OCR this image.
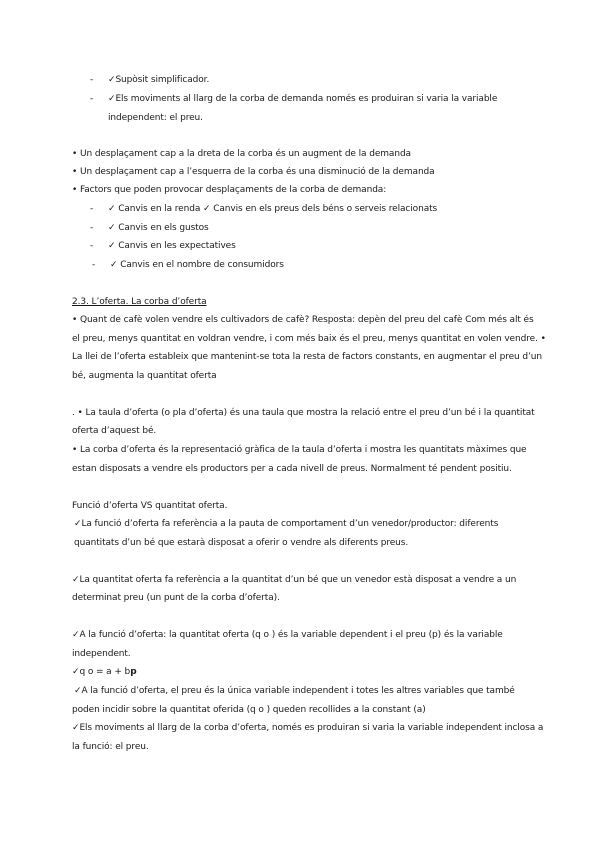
- ✓Supòsit simplificador.
- ✓Els moviments al llarg de la corba de demanda només es produiran si varia la variable
independent: el preu.
• Un desplaçament cap a la dreta de la corba és un augment de la demanda
• Un desplaçament cap a l’esquerra de la corba és una disminució de la demanda
• Factors que poden provocar desplaçaments de la corba de demanda:
- ✓ Canvis en la renda ✓ Canvis en els preus dels béns o serveis relacionats
- ✓ Canvis en els gustos
- ✓ Canvis en les expectatives
- ✓ Canvis en el nombre de consumidors
2.3. L’oferta. La corba d’oferta
• Quant de cafè volen vendre els cultivadors de cafè? Resposta: depèn del preu del cafè Com més alt és
el preu, menys quantitat en voldran vendre, i com més baix és el preu, menys quantitat en volen vendre. •
La llei de l’oferta estableix que mantenint-se tota la resta de factors constants, en augmentar el preu d’un
bé, augmenta la quantitat oferta
. • La taula d’oferta (o pla d’oferta) és una taula que mostra la relació entre el preu d’un bé i la quantitat
oferta d’aquest bé.
• La corba d’oferta és la representació gràfica de la taula d’oferta i mostra les quantitats màximes que
estan disposats a vendre els productors per a cada nivell de preus. Normalment té pendent positiu.
Funció d’oferta VS quantitat oferta.
✓La funció d’oferta fa referència a la pauta de comportament d’un venedor/productor: diferents
quantitats d’un bé que estarà disposat a oferir o vendre als diferents preus.
✓La quantitat oferta fa referència a la quantitat d’un bé que un venedor està disposat a vendre a un
determinat preu (un punt de la corba d’oferta).
✓A la funció d’oferta: la quantitat oferta (q o ) és la variable dependent i el preu (p) és la variable
independent.
✓q o = a + bp
✓A la funció d’oferta, el preu és la única variable independent i totes les altres variables que també
poden incidir sobre la quantitat oferida (q o ) queden recollides a la constant (a)
✓Els moviments al llarg de la corba d’oferta, només es produiran si varia la variable independent inclosa a
la funció: el preu.
